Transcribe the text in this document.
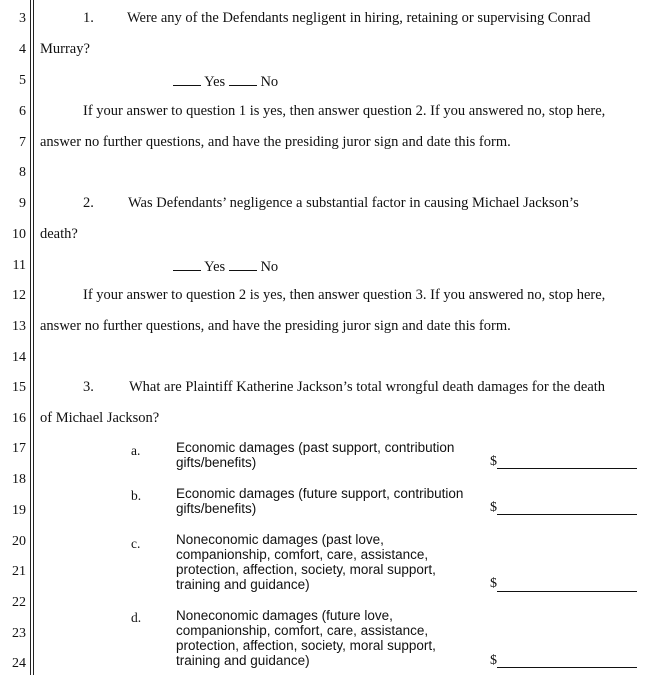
3
4
5
6
7
8
9
10
11
12
13
14
15
16
17
18
19
20
21
22
23
24
1. Were any of the Defendants negligent in hiring, retaining or supervising Conrad
Murray?
Yes No
If your answer to question 1 is yes, then answer question 2. If you answered no, stop here,
answer no further questions, and have the presiding juror sign and date this form.
2. Was Defendants’ negligence a substantial factor in causing Michael Jackson’s
death?
Yes No
If your answer to question 2 is yes, then answer question 3. If you answered no, stop here,
answer no further questions, and have the presiding juror sign and date this form.
3. What are Plaintiff Katherine Jackson’s total wrongful death damages for the death
of Michael Jackson?
a.	Economic damages (past support, contribution
gifts/benefits)	$
b.	Economic damages (future support, contribution
gifts/benefits)	$
c.	Noneconomic damages (past love,
companionship, comfort, care, assistance,
protection, affection, society, moral support,
training and guidance)	$
d.	Noneconomic damages (future love,
companionship, comfort, care, assistance,
protection, affection, society, moral support,
training and guidance)	$
